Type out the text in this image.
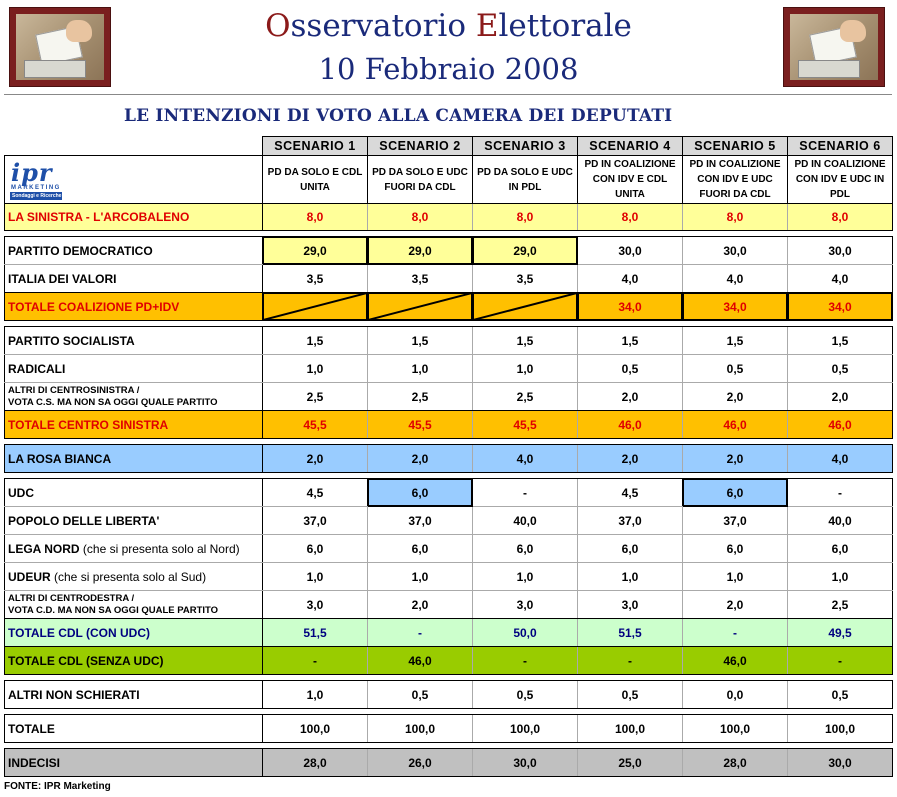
Osservatorio Elettorale
10 Febbraio 2008
LE INTENZIONI DI VOTO ALLA CAMERA DEI DEPUTATI
	SCENARIO 1	SCENARIO 2	SCENARIO 3	SCENARIO 4	SCENARIO 5	SCENARIO 6

ipr
MARKETING
Sondaggi e Ricerche	PD DA SOLO E CDL UNITA	PD DA SOLO E UDC FUORI DA CDL	PD DA SOLO E UDC IN PDL	PD IN COALIZIONE CON IDV E CDL UNITA	PD IN COALIZIONE CON IDV E UDC FUORI DA CDL	PD IN COALIZIONE CON IDV E UDC IN PDL
LA SINISTRA - L'ARCOBALENO	8,0	8,0	8,0	8,0	8,0	8,0

PARTITO DEMOCRATICO	29,0	29,0	29,0	30,0	30,0	30,0
ITALIA DEI VALORI	3,5	3,5	3,5	4,0	4,0	4,0
TOTALE COALIZIONE PD+IDV				34,0	34,0	34,0

PARTITO SOCIALISTA	1,5	1,5	1,5	1,5	1,5	1,5
RADICALI	1,0	1,0	1,0	0,5	0,5	0,5

ALTRI DI CENTROSINISTRA /
VOTA C.S. MA NON SA OGGI QUALE PARTITO	2,5	2,5	2,5	2,0	2,0	2,0
TOTALE CENTRO SINISTRA	45,5	45,5	45,5	46,0	46,0	46,0

LA ROSA BIANCA	2,0	2,0	4,0	2,0	2,0	4,0

UDC	4,5	6,0	-	4,5	6,0	-
POPOLO DELLE LIBERTA'	37,0	37,0	40,0	37,0	37,0	40,0
LEGA NORD (che si presenta solo al Nord)	6,0	6,0	6,0	6,0	6,0	6,0
UDEUR (che si presenta solo al Sud)	1,0	1,0	1,0	1,0	1,0	1,0

ALTRI DI CENTRODESTRA /
VOTA C.D. MA NON SA OGGI QUALE PARTITO	3,0	2,0	3,0	3,0	2,0	2,5
TOTALE CDL (CON UDC)	51,5	-	50,0	51,5	-	49,5
TOTALE CDL (SENZA UDC)	-	46,0	-	-	46,0	-

ALTRI NON SCHIERATI	1,0	0,5	0,5	0,5	0,0	0,5

TOTALE	100,0	100,0	100,0	100,0	100,0	100,0

INDECISI	28,0	26,0	30,0	25,0	28,0	30,0
FONTE: IPR Marketing
